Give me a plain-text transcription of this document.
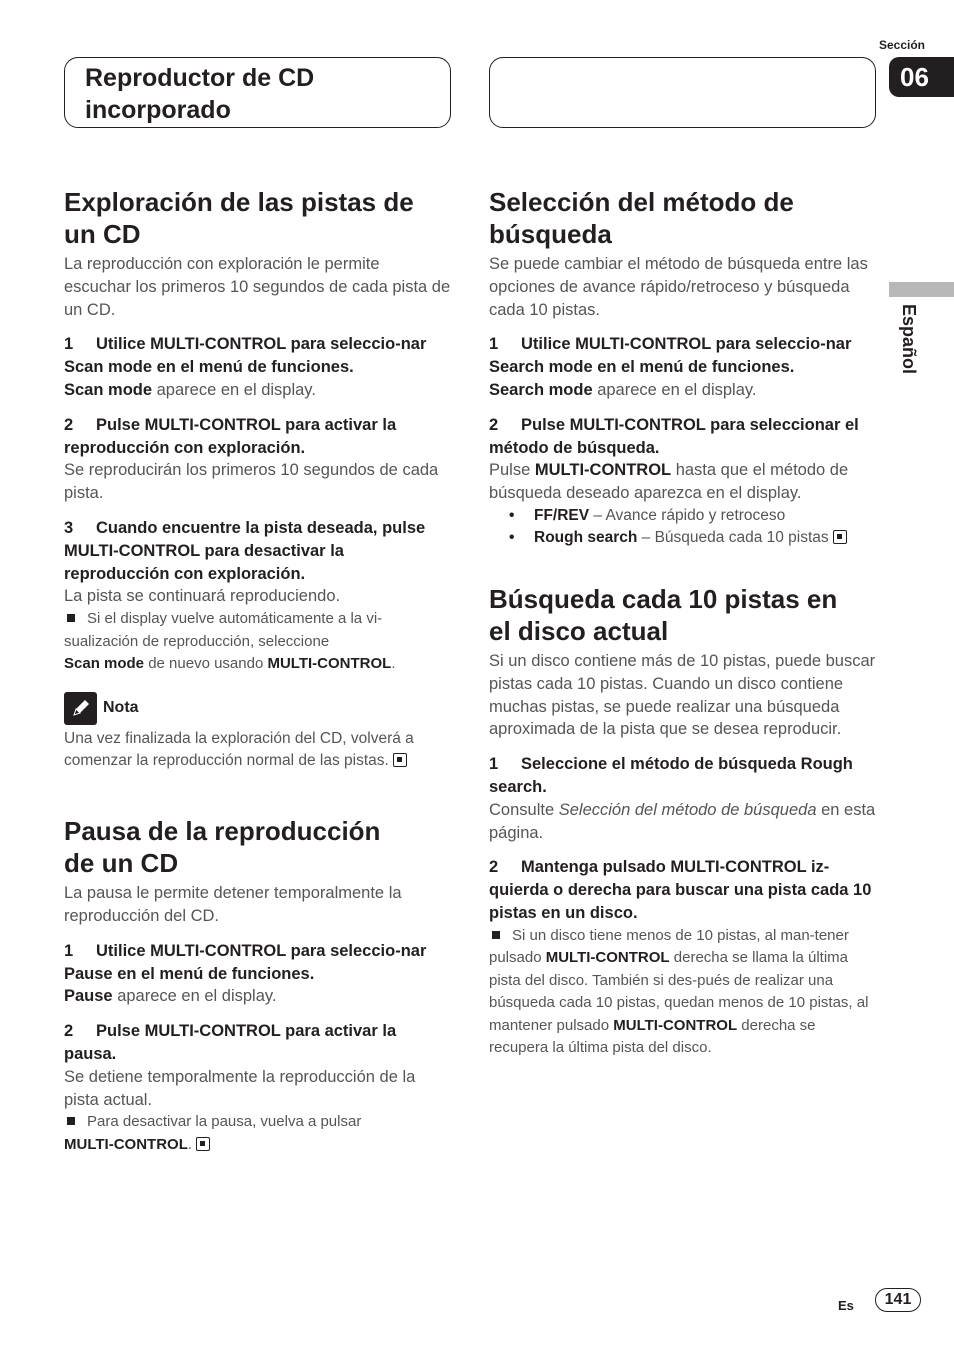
Sección
06
Reproductor de CD
incorporado
Español
Exploración de las pistas de
un CD

La reproducción con exploración le permite escuchar los primeros 10 segundos de cada pista de un CD.

1 Utilice MULTI-CONTROL para seleccio-nar Scan mode en el menú de funciones.

Scan mode aparece en el display.

2 Pulse MULTI-CONTROL para activar la reproducción con exploración.

Se reproducirán los primeros 10 segundos de cada pista.

3 Cuando encuentre la pista deseada, pulse MULTI-CONTROL para desactivar la reproducción con exploración.

La pista se continuará reproduciendo.

Si el display vuelve automáticamente a la vi-
sualización de reproducción, seleccione
Scan mode de nuevo usando MULTI-CONTROL.

Nota

Una vez finalizada la exploración del CD, volverá a comenzar la reproducción normal de las pistas.

Pausa de la reproducción
de un CD

La pausa le permite detener temporalmente la reproducción del CD.

1 Utilice MULTI-CONTROL para seleccio-nar Pause en el menú de funciones.

Pause aparece en el display.

2 Pulse MULTI-CONTROL para activar la pausa.

Se detiene temporalmente la reproducción de la pista actual.

Para desactivar la pausa, vuelva a pulsar
MULTI-CONTROL.

Selección del método de
búsqueda

Se puede cambiar el método de búsqueda entre las opciones de avance rápido/retroceso y búsqueda cada 10 pistas.

1 Utilice MULTI-CONTROL para seleccio-nar Search mode en el menú de funciones.

Search mode aparece en el display.

2 Pulse MULTI-CONTROL para seleccionar el método de búsqueda.

Pulse MULTI-CONTROL hasta que el método de búsqueda deseado aparezca en el display.

• FF/REV – Avance rápido y retroceso

• Rough search – Búsqueda cada 10 pistas

Búsqueda cada 10 pistas en
el disco actual

Si un disco contiene más de 10 pistas, puede buscar pistas cada 10 pistas. Cuando un disco contiene muchas pistas, se puede realizar una búsqueda aproximada de la pista que se desea reproducir.

1 Seleccione el método de búsqueda Rough search.

Consulte Selección del método de búsqueda en esta página.

2 Mantenga pulsado MULTI-CONTROL iz-quierda o derecha para buscar una pista cada 10 pistas en un disco.

Si un disco tiene menos de 10 pistas, al man-tener pulsado MULTI-CONTROL derecha se llama la última pista del disco. También si des-pués de realizar una búsqueda cada 10 pistas, quedan menos de 10 pistas, al mantener pulsado MULTI-CONTROL derecha se recupera la última pista del disco.

Es	141
